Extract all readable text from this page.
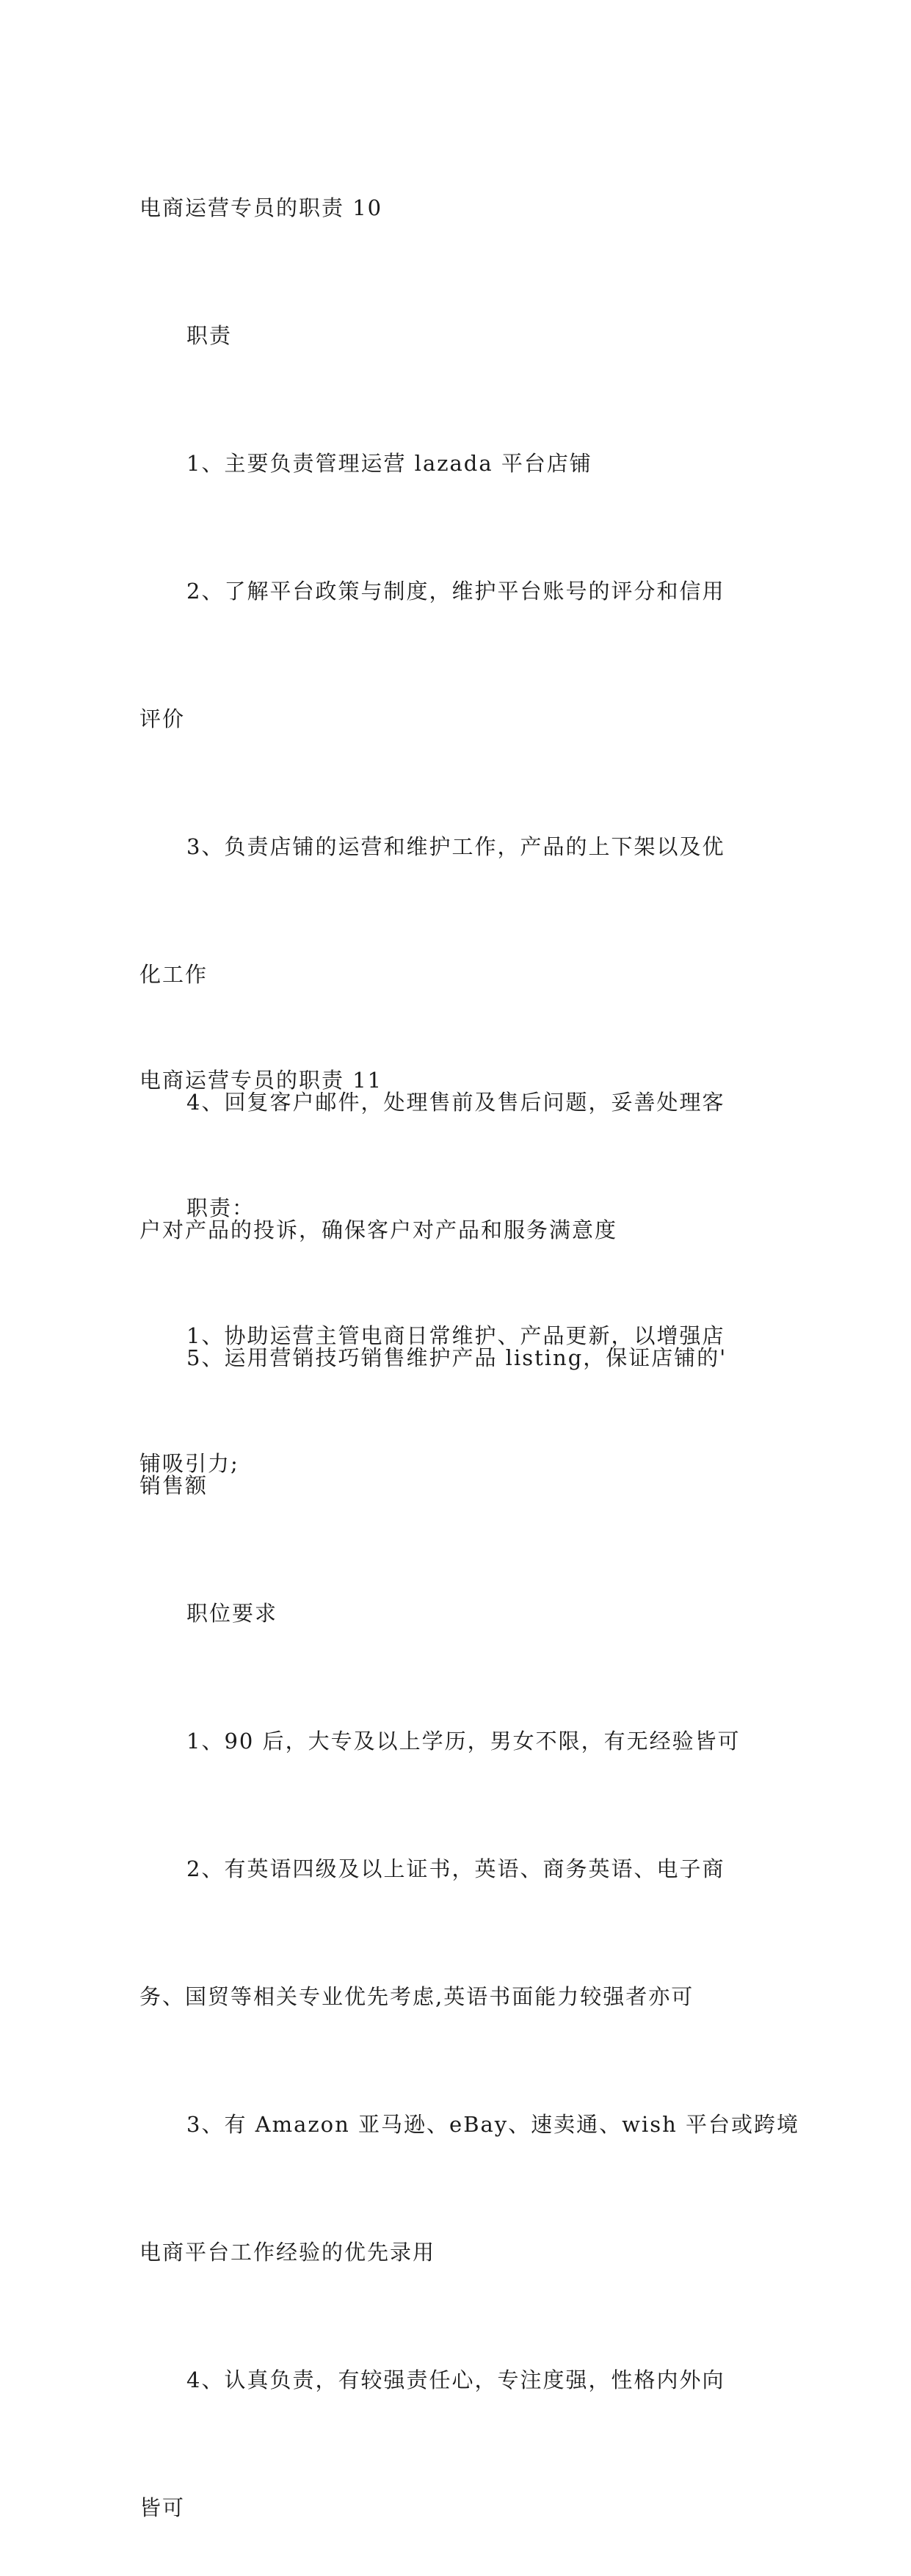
电商运营专员的职责 10

职责

1、主要负责管理运营 lazada 平台店铺

2、了解平台政策与制度，维护平台账号的评分和信用

评价

3、负责店铺的运营和维护工作，产品的上下架以及优

化工作

4、回复客户邮件，处理售前及售后问题，妥善处理客

户对产品的投诉，确保客户对产品和服务满意度

5、运用营销技巧销售维护产品 listing，保证店铺的'

销售额

职位要求

1、90 后，大专及以上学历，男女不限，有无经验皆可

2、有英语四级及以上证书，英语、商务英语、电子商

务、国贸等相关专业优先考虑,英语书面能力较强者亦可

3、有 Amazon 亚马逊、eBay、速卖通、wish 平台或跨境

电商平台工作经验的优先录用

4、认真负责，有较强责任心，专注度强，性格内外向

皆可

电商运营专员的职责 11

职责：

1、协助运营主管电商日常维护、产品更新，以增强店

铺吸引力;
